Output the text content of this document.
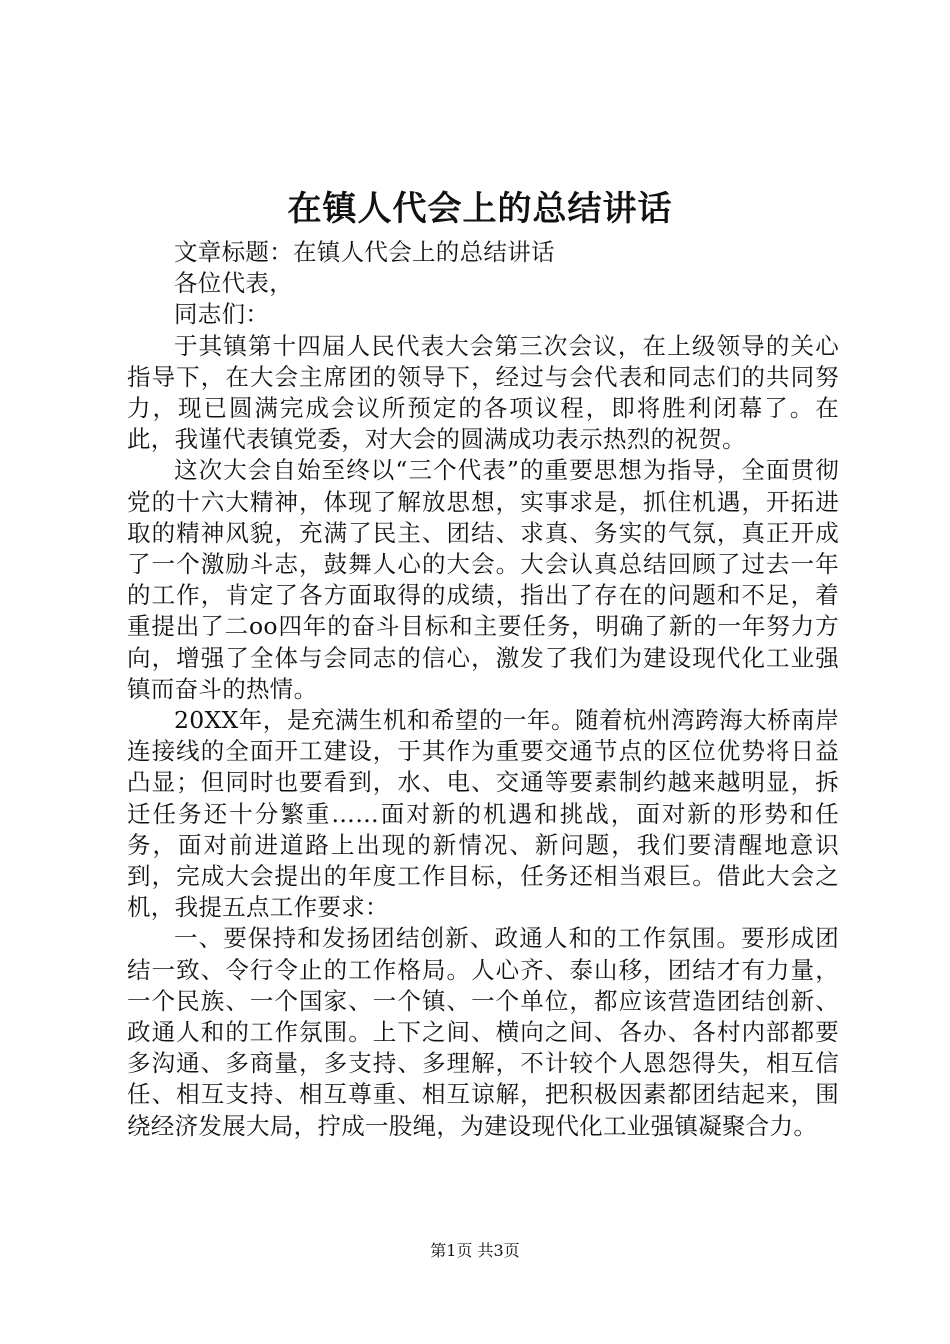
在镇人代会上的总结讲话

文章标题：在镇人代会上的总结讲话

各位代表，

同志们：

于其镇第十四届人民代表大会第三次会议，在上级领导的关心指导下，在大会主席团的领导下，经过与会代表和同志们的共同努力，现已圆满完成会议所预定的各项议程，即将胜利闭幕了。在此，我谨代表镇党委，对大会的圆满成功表示热烈的祝贺。

这次大会自始至终以“三个代表”的重要思想为指导，全面贯彻党的十六大精神，体现了解放思想，实事求是，抓住机遇，开拓进取的精神风貌，充满了民主、团结、求真、务实的气氛，真正开成了一个激励斗志，鼓舞人心的大会。大会认真总结回顾了过去一年的工作，肯定了各方面取得的成绩，指出了存在的问题和不足，着重提出了二oo四年的奋斗目标和主要任务，明确了新的一年努力方向，增强了全体与会同志的信心，激发了我们为建设现代化工业强镇而奋斗的热情。

20XX年，是充满生机和希望的一年。随着杭州湾跨海大桥南岸连接线的全面开工建设，于其作为重要交通节点的区位优势将日益凸显；但同时也要看到，水、电、交通等要素制约越来越明显，拆迁任务还十分繁重……面对新的机遇和挑战，面对新的形势和任务，面对前进道路上出现的新情况、新问题，我们要清醒地意识到，完成大会提出的年度工作目标，任务还相当艰巨。借此大会之机，我提五点工作要求：

一、要保持和发扬团结创新、政通人和的工作氛围。要形成团结一致、令行令止的工作格局。人心齐、泰山移，团结才有力量，一个民族、一个国家、一个镇、一个单位，都应该营造团结创新、政通人和的工作氛围。上下之间、横向之间、各办、各村内部都要多沟通、多商量，多支持、多理解，不计较个人恩怨得失，相互信任、相互支持、相互尊重、相互谅解，把积极因素都团结起来，围绕经济发展大局，拧成一股绳，为建设现代化工业强镇凝聚合力。

第1页 共3页
